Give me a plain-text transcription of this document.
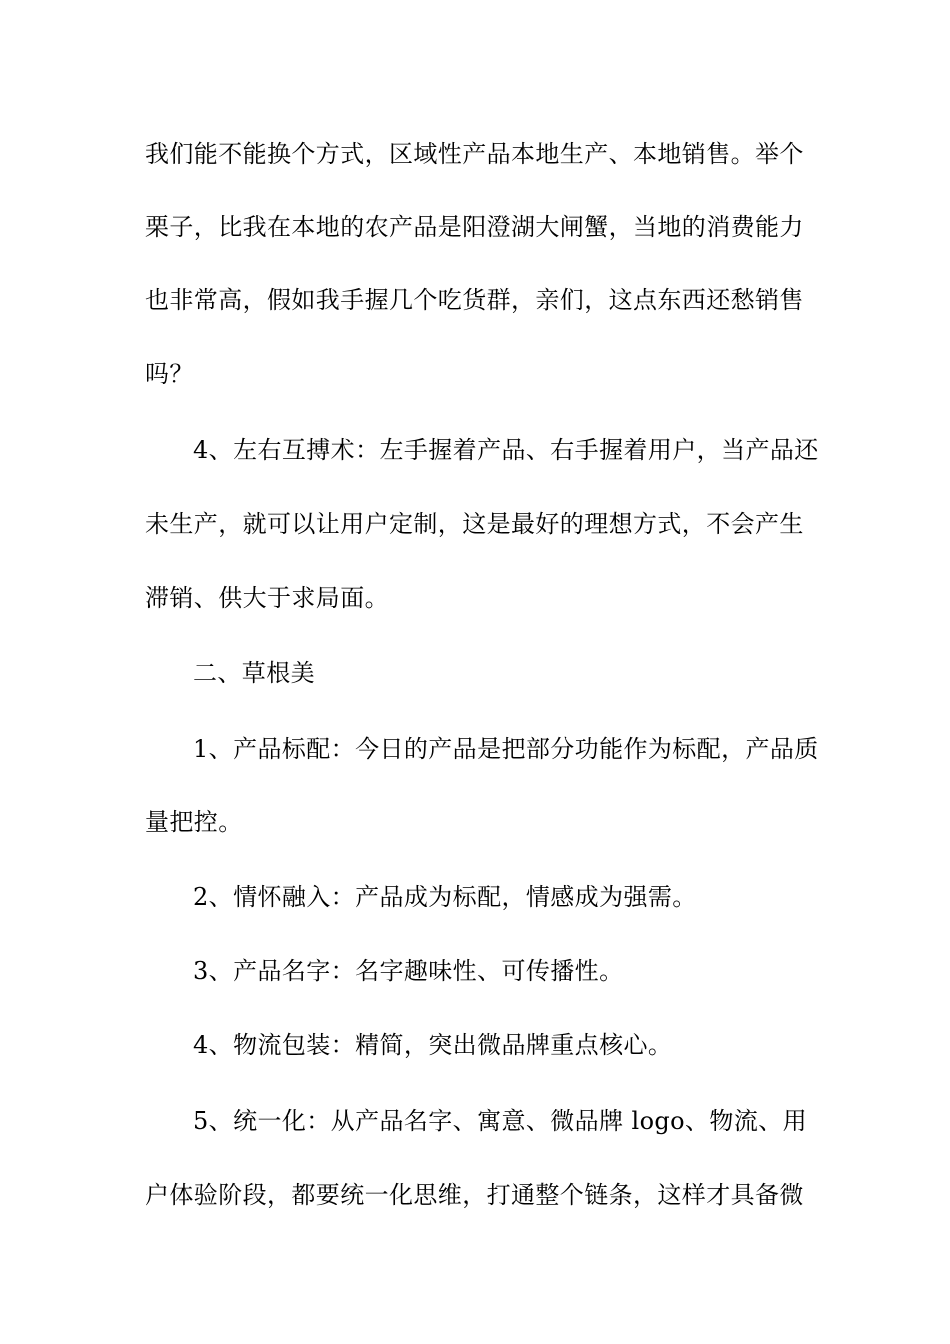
我们能不能换个方式，区域性产品本地生产、本地销售。举个
栗子，比我在本地的农产品是阳澄湖大闸蟹，当地的消费能力
也非常高，假如我手握几个吃货群，亲们，这点东西还愁销售
吗？
4、左右互搏术：左手握着产品、右手握着用户，当产品还
未生产，就可以让用户定制，这是最好的理想方式，不会产生
滞销、供大于求局面。
二、草根美
1、产品标配：今日的产品是把部分功能作为标配，产品质
量把控。
2、情怀融入：产品成为标配，情感成为强需。
3、产品名字：名字趣味性、可传播性。
4、物流包装：精简，突出微品牌重点核心。
5、统一化：从产品名字、寓意、微品牌 logo、物流、用
户体验阶段，都要统一化思维，打通整个链条，这样才具备微
